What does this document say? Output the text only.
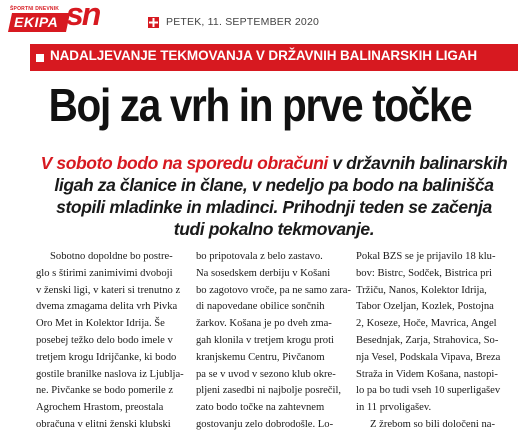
ŠPORTNI DNEVNIK
EKIPA sn	PETEK, 11. SEPTEMBER 2020
NADALJEVANJE TEKMOVANJA V DRŽAVNIH BALINARSKIH LIGAH
Boj za vrh in prve točke
V soboto bodo na sporedu obračuni v državnih balinarskih ligah za članice in člane, v nedeljo pa bodo na balinišča stopili mladinke in mladinci. Prihodnji teden se začenja tudi pokalno tekmovanje.
Sobotno dopoldne bo postre-
glo s štirimi zanimivimi dvoboji
v ženski ligi, v kateri si trenutno z
dvema zmagama delita vrh Pivka
Oro Met in Kolektor Idrija. Še
posebej težko delo bodo imele v
tretjem krogu Idrijčanke, ki bodo
gostile branilke naslova iz Ljublja-
ne. Pivčanke se bodo pomerile z
Agrochem Hrastom, preostala
obračuna v elitni ženski klubski
bo pripotovala z belo zastavo.
Na sosedskem derbiju v Košani
bo zagotovo vroče, pa ne samo zara-
di napovedane obilice sončnih
žarkov. Košana je po dveh zma-
gah klonila v tretjem krogu proti
kranjskemu Centru, Pivčanom
pa se v uvod v sezono klub okre-
pljeni zasedbi ni najbolje posrečil,
zato bodo točke na zahtevnem
gostovanju zelo dobrodošle. Lo-
Pokal BZS se je prijavilo 18 klu-
bov: Bistrc, Sodček, Bistrica pri
Tržiču, Nanos, Kolektor Idrija,
Tabor Ozeljan, Kozlek, Postojna
2, Koseze, Hoče, Mavrica, Angel
Besednjak, Zarja, Strahovica, So-
nja Vesel, Podskala Vipava, Breza
Stražа in Videm Košana, nastopi-
lo pa bo tudi vseh 10 superligašev
in 11 prvoligašev.
Z žrebom so bili določeni na-
